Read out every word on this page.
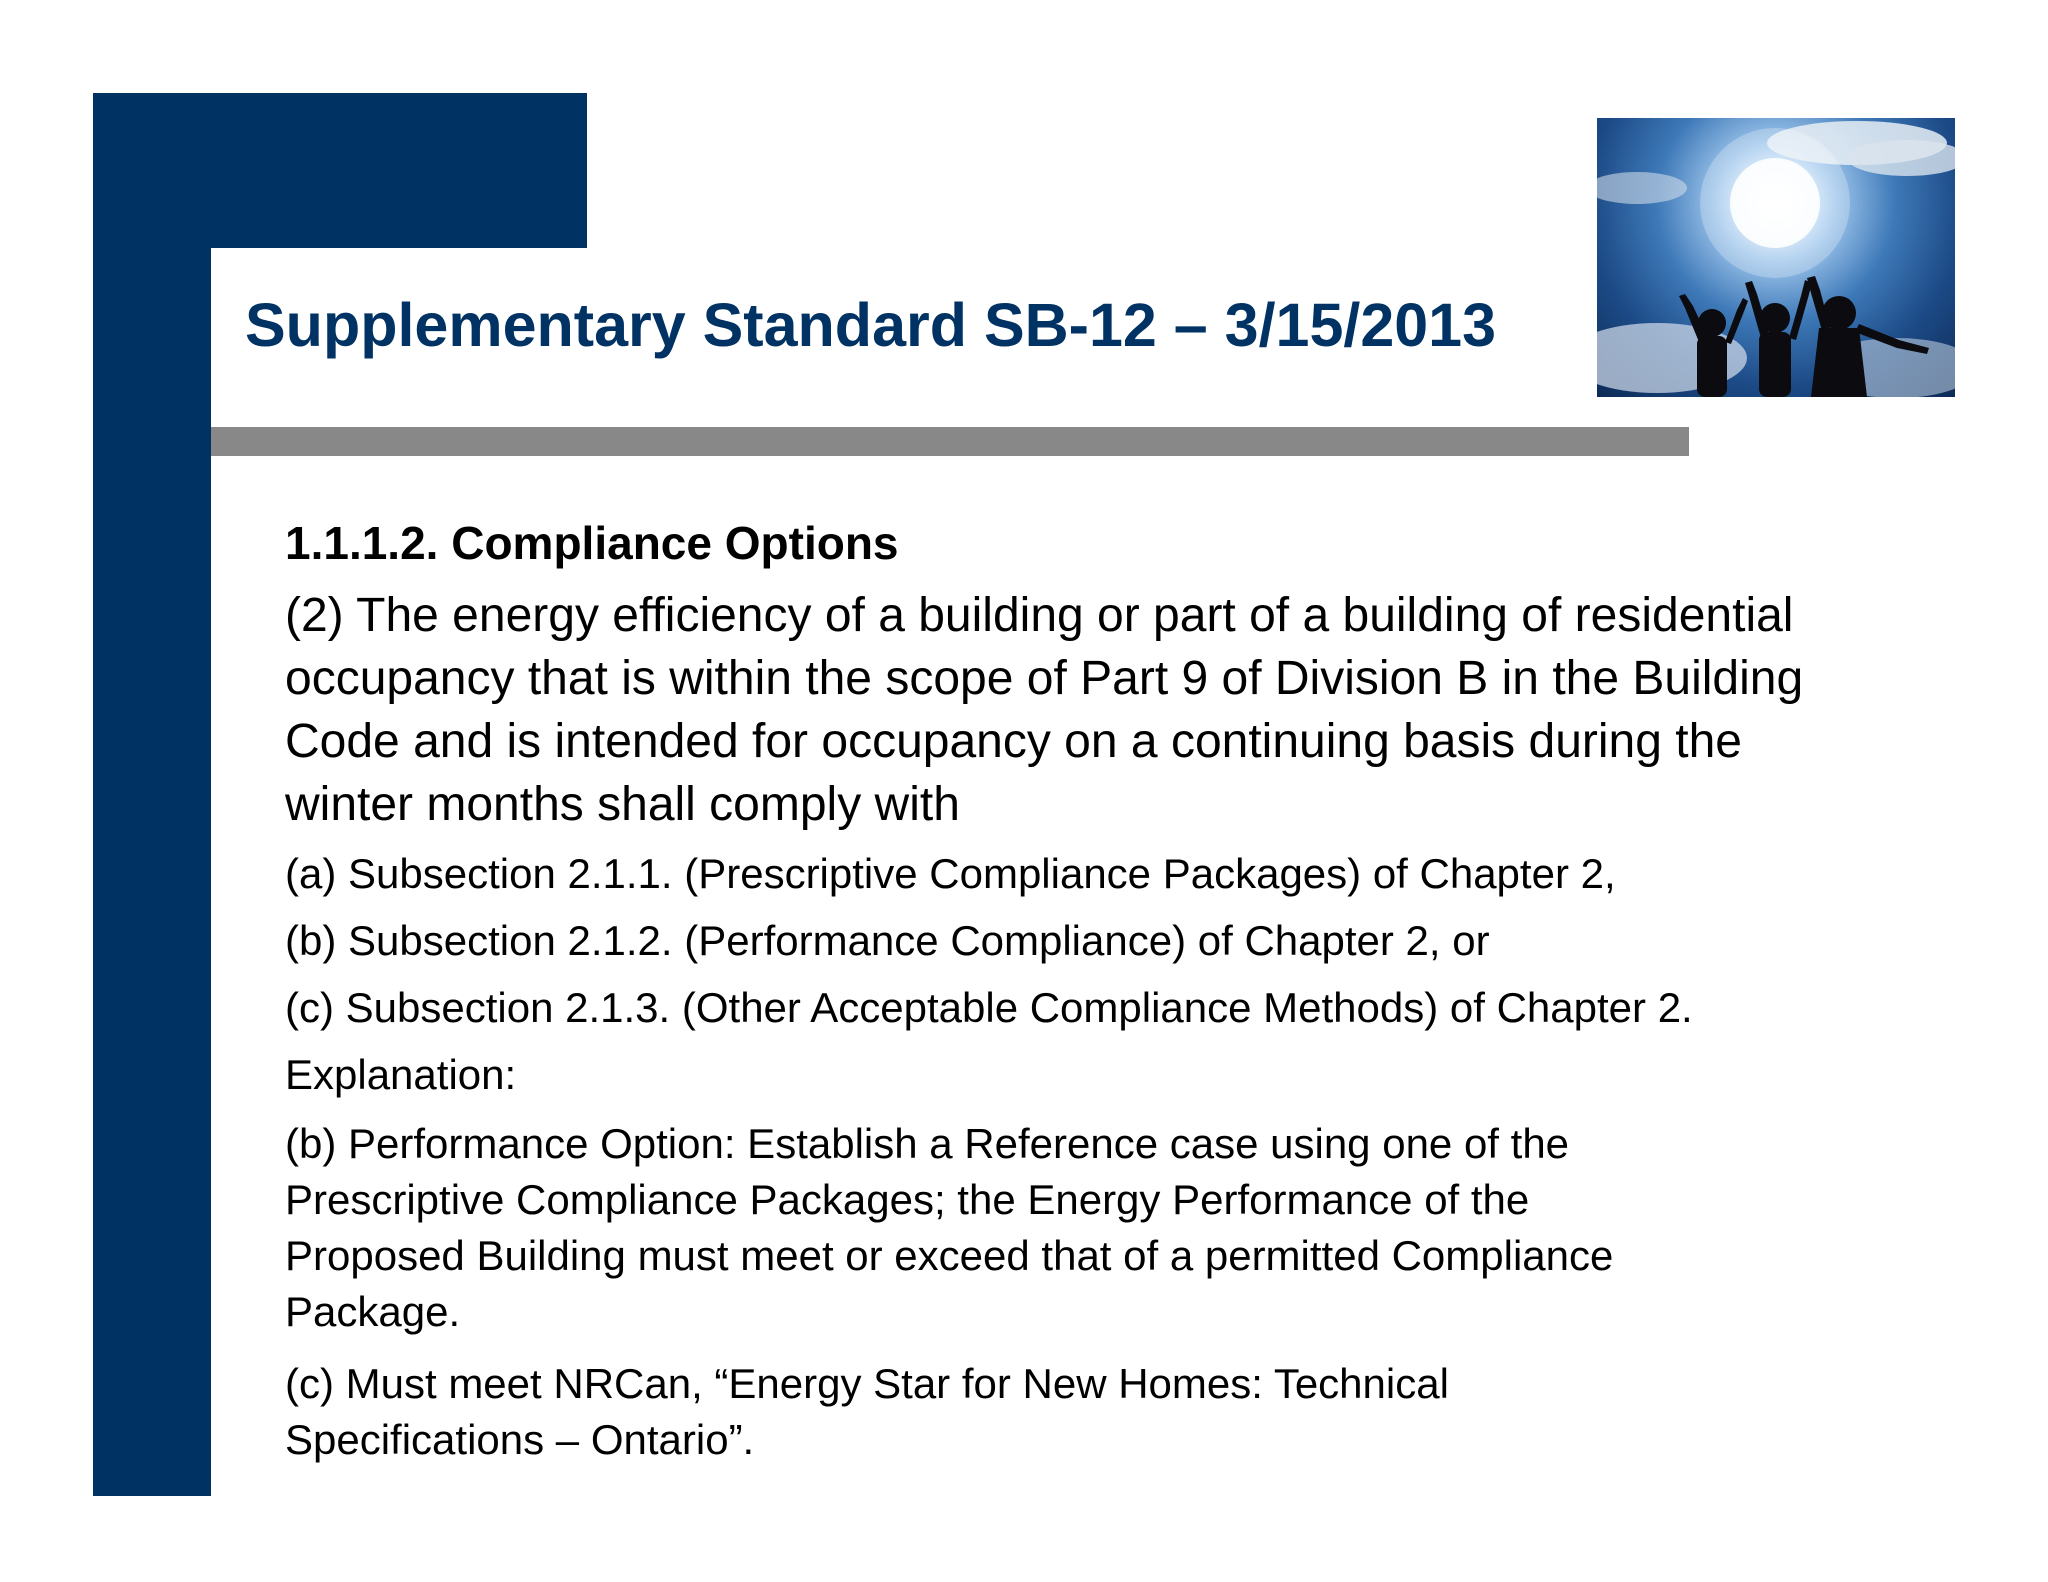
Supplementary Standard SB-12 – 3/15/2013
1.1.1.2. Compliance Options

(2) The energy efficiency of a building or part of a building of residential occupancy that is within the scope of Part 9 of Division B in the Building Code and is intended for occupancy on a continuing basis during the winter months shall comply with

(a) Subsection 2.1.1. (Prescriptive Compliance Packages) of Chapter 2,

(b) Subsection 2.1.2. (Performance Compliance) of Chapter 2, or

(c) Subsection 2.1.3. (Other Acceptable Compliance Methods) of Chapter 2.

Explanation:

(b) Performance Option: Establish a Reference case using one of the Prescriptive Compliance Packages; the Energy Performance of the Proposed Building must meet or exceed that of a permitted Compliance Package.

(c) Must meet NRCan, “Energy Star for New Homes: Technical Specifications – Ontario”.
